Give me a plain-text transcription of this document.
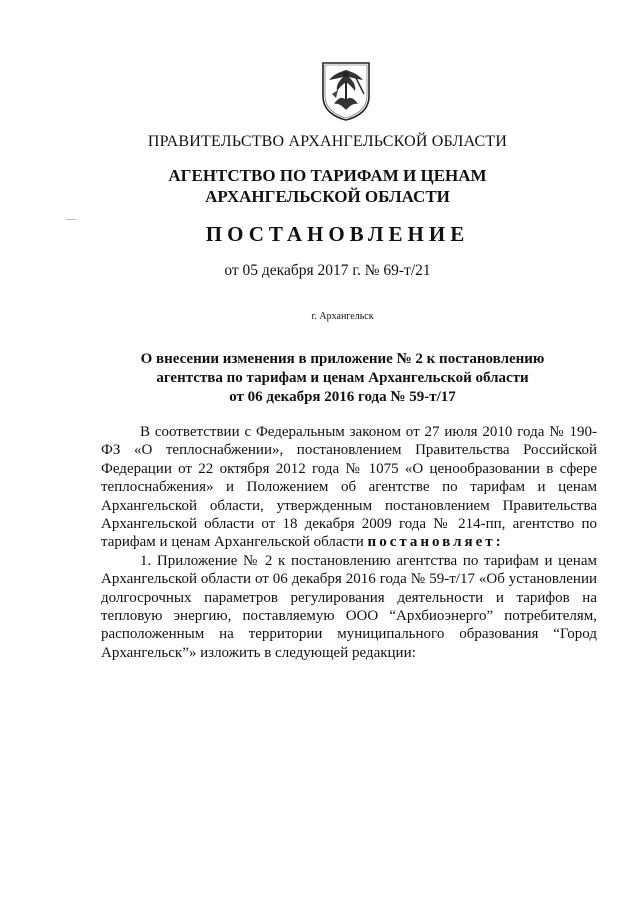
ПРАВИТЕЛЬСТВО АРХАНГЕЛЬСКОЙ ОБЛАСТИ
АГЕНТСТВО ПО ТАРИФАМ И ЦЕНАМ
АРХАНГЕЛЬСКОЙ ОБЛАСТИ
ПОСТАНОВЛЕНИЕ
от 05 декабря 2017 г. № 69-т/21
г. Архангельск
О внесении изменения в приложение № 2 к постановлению
агентства по тарифам и ценам Архангельской области
от 06 декабря 2016 года № 59-т/17

В соответствии с Федеральным законом от 27 июля 2010 года № 190-ФЗ «О теплоснабжении», постановлением Правительства Российской Федерации от 22 октября 2012 года № 1075 «О ценообразовании в сфере теплоснабжения» и Положением об агентстве по тарифам и ценам Архангельской области, утвержденным постановлением Правительства Архангельской области от 18 декабря 2009 года № 214-пп, агентство по тарифам и ценам Архангельской области постановляет:

1. Приложение № 2 к постановлению агентства по тарифам и ценам Архангельской области от 06 декабря 2016 года № 59-т/17 «Об установлении долгосрочных параметров регулирования деятельности и тарифов на тепловую энергию, поставляемую ООО “Архбиоэнерго” потребителям, расположенным на территории муниципального образования “Город Архангельск”» изложить в следующей редакции:
